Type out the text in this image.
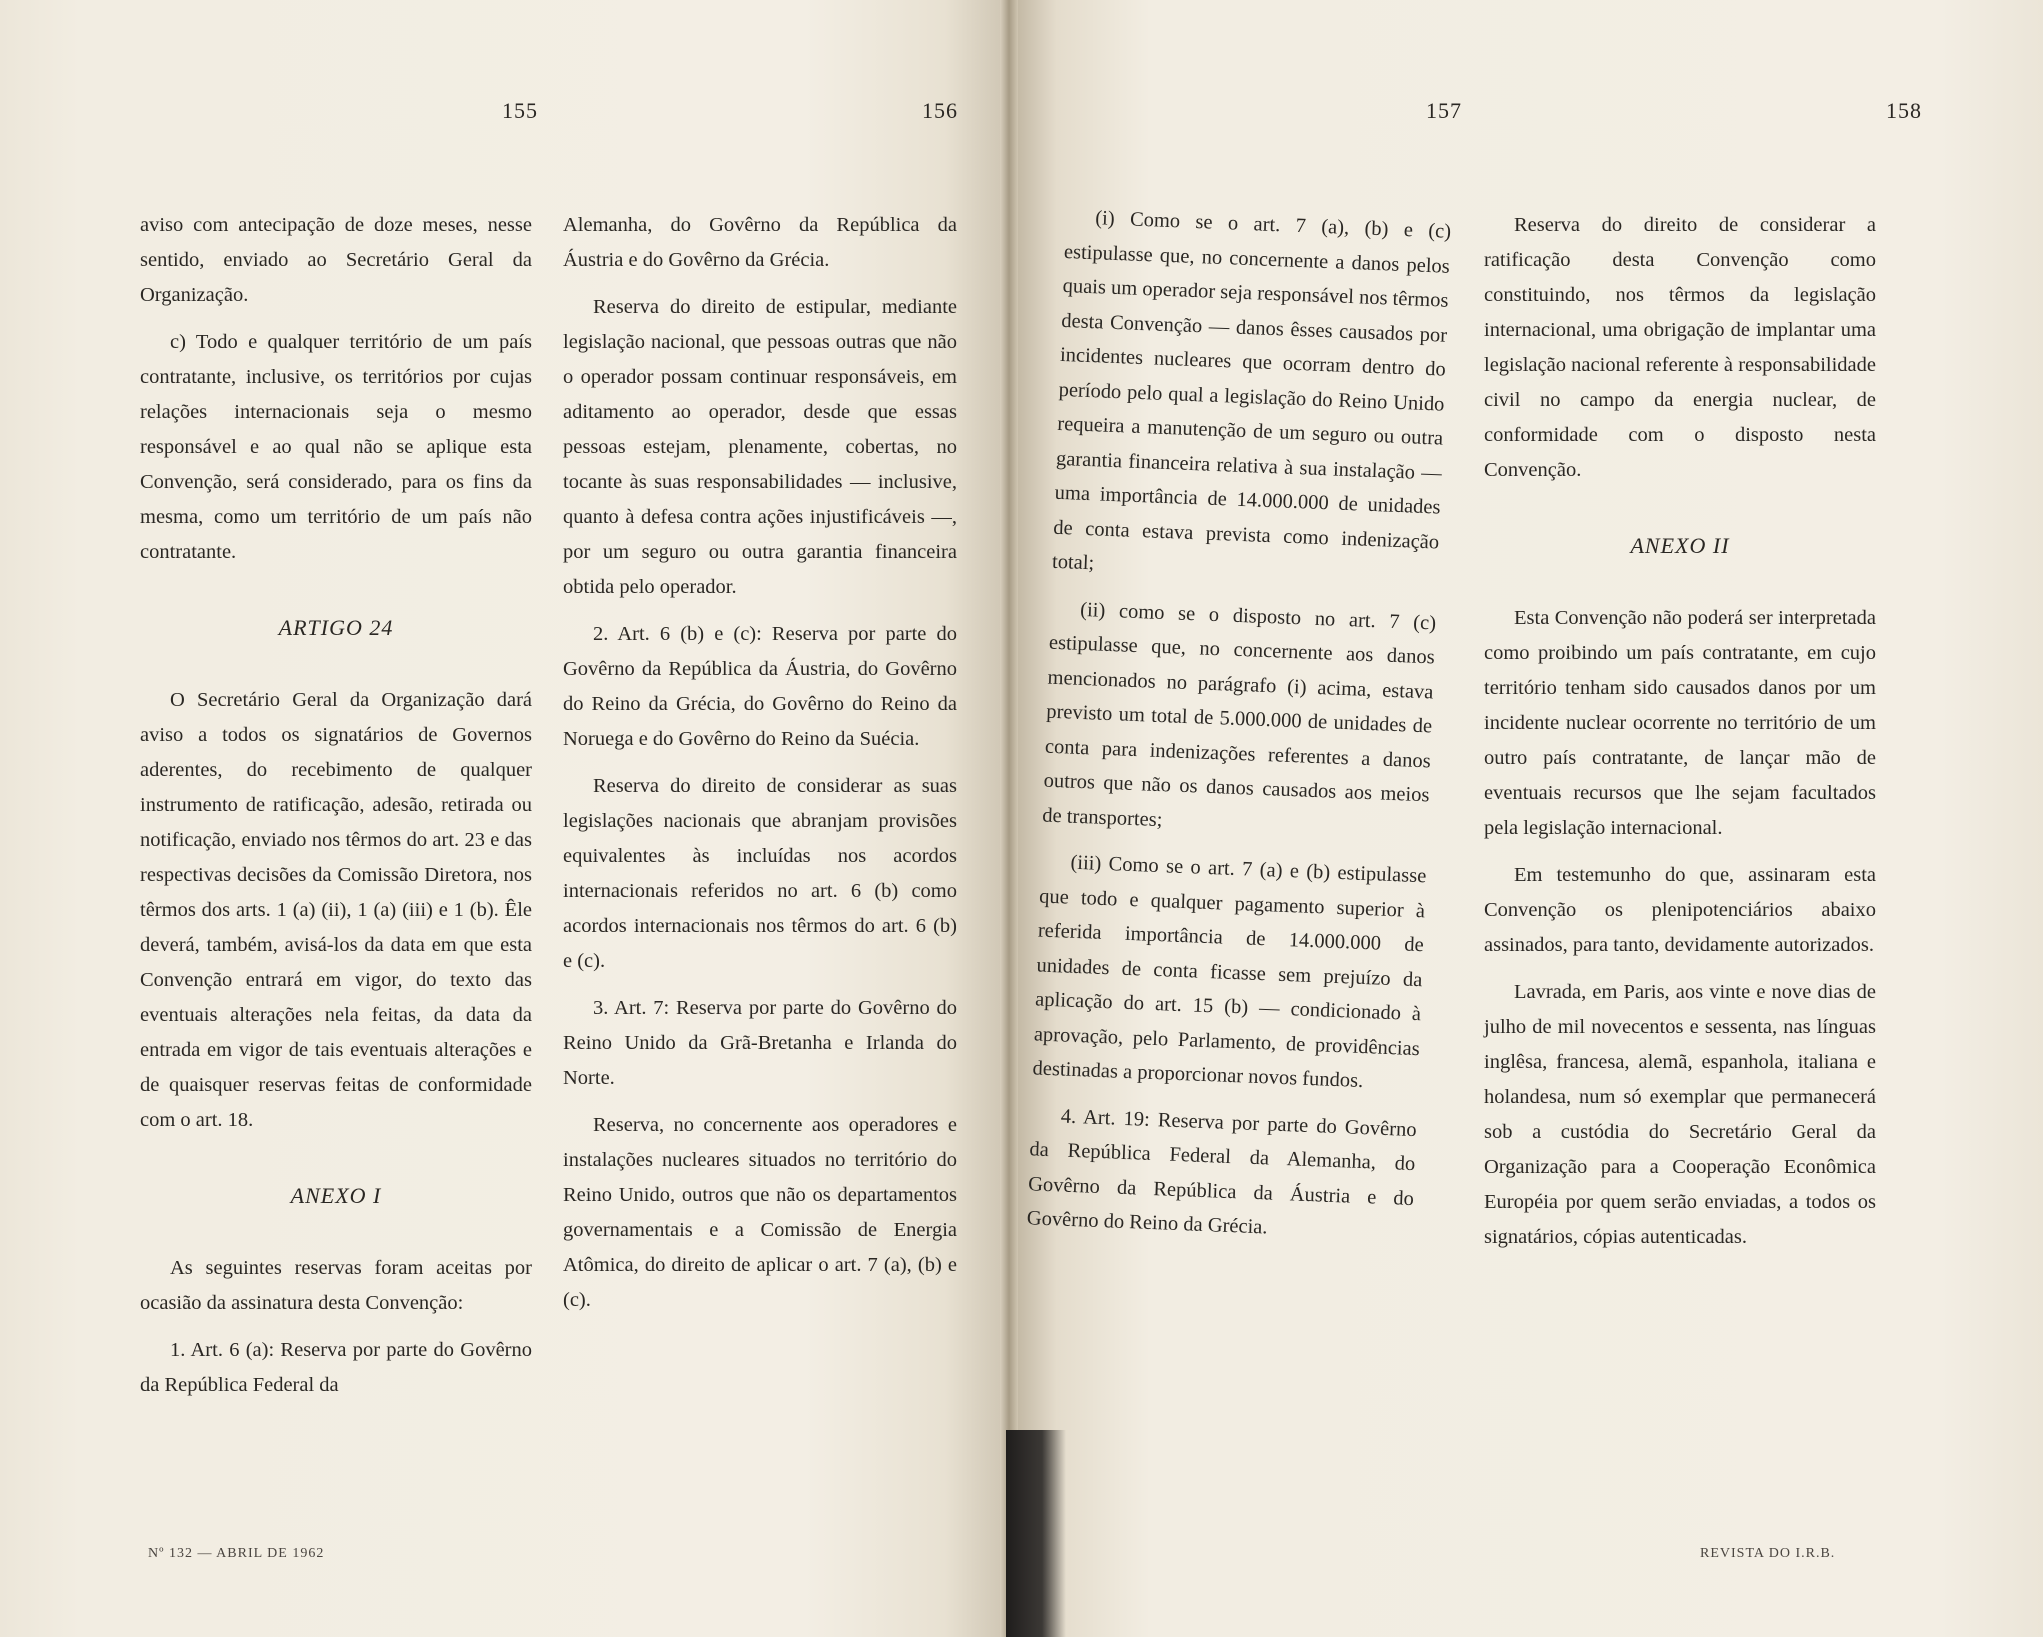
155	156	157	158

aviso com antecipação de doze meses, nesse sentido, enviado ao Secretário Geral da Organização.

c) Todo e qualquer território de um país contratante, inclusive, os territórios por cujas relações internacionais seja o mesmo responsável e ao qual não se aplique esta Convenção, será considerado, para os fins da mesma, como um território de um país não contratante.

ARTIGO 24

O Secretário Geral da Organização dará aviso a todos os signatários de Governos aderentes, do recebimento de qualquer instrumento de ratificação, adesão, retirada ou notificação, enviado nos têrmos do art. 23 e das respectivas decisões da Comissão Diretora, nos têrmos dos arts. 1 (a) (ii), 1 (a) (iii) e 1 (b). Êle deverá, também, avisá-los da data em que esta Convenção entrará em vigor, do texto das eventuais alterações nela feitas, da data da entrada em vigor de tais eventuais alterações e de quaisquer reservas feitas de conformidade com o art. 18.

ANEXO I

As seguintes reservas foram aceitas por ocasião da assinatura desta Convenção:

1. Art. 6 (a): Reserva por parte do Govêrno da República Federal da

Alemanha, do Govêrno da República da Áustria e do Govêrno da Grécia.

Reserva do direito de estipular, mediante legislação nacional, que pessoas outras que não o operador possam continuar responsáveis, em aditamento ao operador, desde que essas pessoas estejam, plenamente, cobertas, no tocante às suas responsabilidades — inclusive, quanto à defesa contra ações injustificáveis —, por um seguro ou outra garantia financeira obtida pelo operador.

2. Art. 6 (b) e (c): Reserva por parte do Govêrno da República da Áustria, do Govêrno do Reino da Grécia, do Govêrno do Reino da Noruega e do Govêrno do Reino da Suécia.

Reserva do direito de considerar as suas legislações nacionais que abranjam provisões equivalentes às incluídas nos acordos internacionais referidos no art. 6 (b) como acordos internacionais nos têrmos do art. 6 (b) e (c).

3. Art. 7: Reserva por parte do Govêrno do Reino Unido da Grã-Bretanha e Irlanda do Norte.

Reserva, no concernente aos operadores e instalações nucleares situados no território do Reino Unido, outros que não os departamentos governamentais e a Comissão de Energia Atômica, do direito de aplicar o art. 7 (a), (b) e (c).

(i) Como se o art. 7 (a), (b) e (c) estipulasse que, no concernente a danos pelos quais um operador seja responsável nos têrmos desta Convenção — danos êsses causados por incidentes nucleares que ocorram dentro do período pelo qual a legislação do Reino Unido requeira a manutenção de um seguro ou outra garantia financeira relativa à sua instalação — uma importância de 14.000.000 de unidades de conta estava prevista como indenização total;

(ii) como se o disposto no art. 7 (c) estipulasse que, no concernente aos danos mencionados no parágrafo (i) acima, estava previsto um total de 5.000.000 de unidades de conta para indenizações referentes a danos outros que não os danos causados aos meios de transportes;

(iii) Como se o art. 7 (a) e (b) estipulasse que todo e qualquer pagamento superior à referida importância de 14.000.000 de unidades de conta ficasse sem prejuízo da aplicação do art. 15 (b) — condicionado à aprovação, pelo Parlamento, de providências destinadas a proporcionar novos fundos.

4. Art. 19: Reserva por parte do Govêrno da República Federal da Alemanha, do Govêrno da República da Áustria e do Govêrno do Reino da Grécia.

Reserva do direito de considerar a ratificação desta Convenção como constituindo, nos têrmos da legislação internacional, uma obrigação de implantar uma legislação nacional referente à responsabilidade civil no campo da energia nuclear, de conformidade com o disposto nesta Convenção.

ANEXO II

Esta Convenção não poderá ser interpretada como proibindo um país contratante, em cujo território tenham sido causados danos por um incidente nuclear ocorrente no território de um outro país contratante, de lançar mão de eventuais recursos que lhe sejam facultados pela legislação internacional.

Em testemunho do que, assinaram esta Convenção os plenipotenciários abaixo assinados, para tanto, devidamente autorizados.

Lavrada, em Paris, aos vinte e nove dias de julho de mil novecentos e sessenta, nas línguas inglêsa, francesa, alemã, espanhola, italiana e holandesa, num só exemplar que permanecerá sob a custódia do Secretário Geral da Organização para a Cooperação Econômica Européia por quem serão enviadas, a todos os signatários, cópias autenticadas.

Nº 132 — ABRIL DE 1962	REVISTA DO I.R.B.
